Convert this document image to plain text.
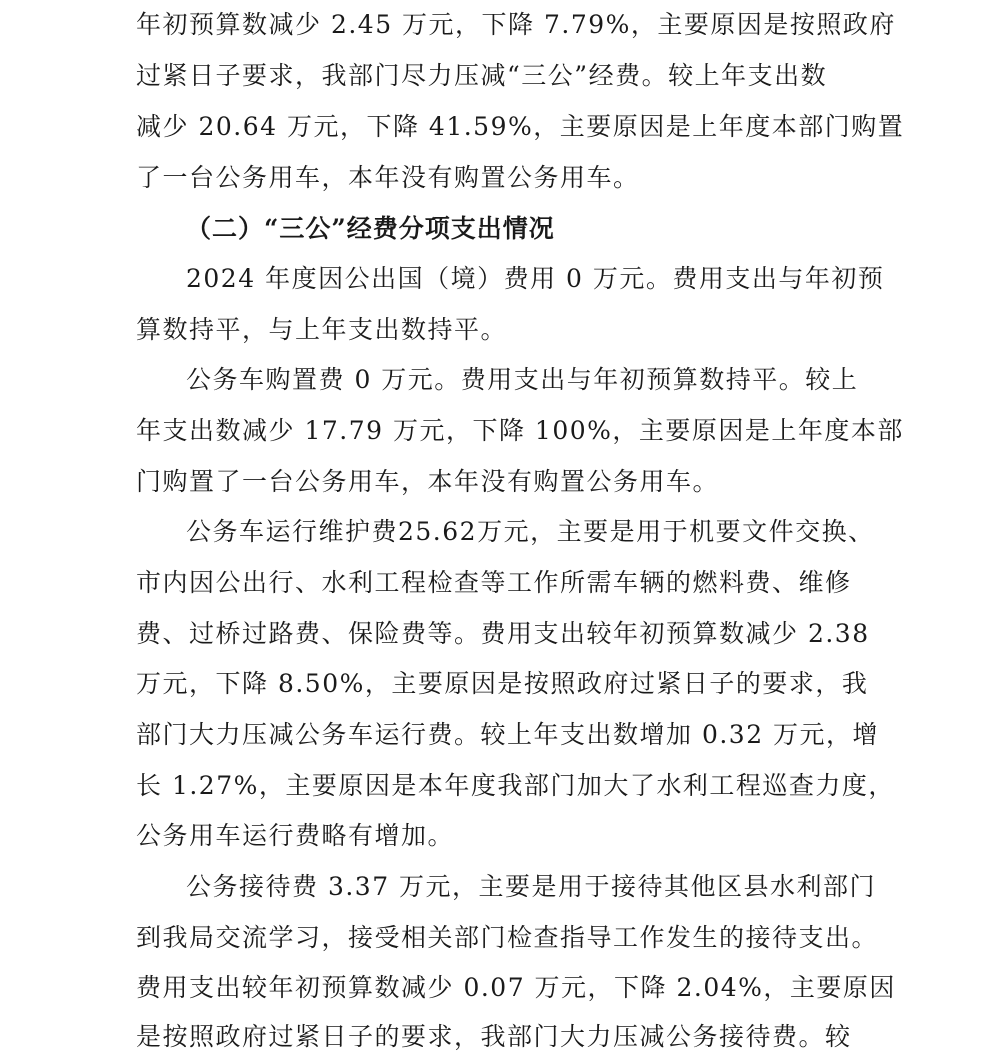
年初预算数减少 2.45 万元，下降 7.79%，主要原因是按照政府
过紧日子要求，我部门尽力压减“三公”经费。较上年支出数
减少 20.64 万元，下降 41.59%，主要原因是上年度本部门购置
了一台公务用车，本年没有购置公务用车。
（二）“三公”经费分项支出情况
2024 年度因公出国（境）费用 0 万元。费用支出与年初预
算数持平，与上年支出数持平。
公务车购置费 0 万元。费用支出与年初预算数持平。较上
年支出数减少 17.79 万元，下降 100%，主要原因是上年度本部
门购置了一台公务用车，本年没有购置公务用车。
公务车运行维护费25.62万元，主要是用于机要文件交换、
市内因公出行、水利工程检查等工作所需车辆的燃料费、维修
费、过桥过路费、保险费等。费用支出较年初预算数减少 2.38
万元，下降 8.50%，主要原因是按照政府过紧日子的要求，我
部门大力压减公务车运行费。较上年支出数增加 0.32 万元，增
长 1.27%，主要原因是本年度我部门加大了水利工程巡查力度，
公务用车运行费略有增加。
公务接待费 3.37 万元，主要是用于接待其他区县水利部门
到我局交流学习，接受相关部门检查指导工作发生的接待支出。
费用支出较年初预算数减少 0.07 万元，下降 2.04%，主要原因
是按照政府过紧日子的要求，我部门大力压减公务接待费。较
